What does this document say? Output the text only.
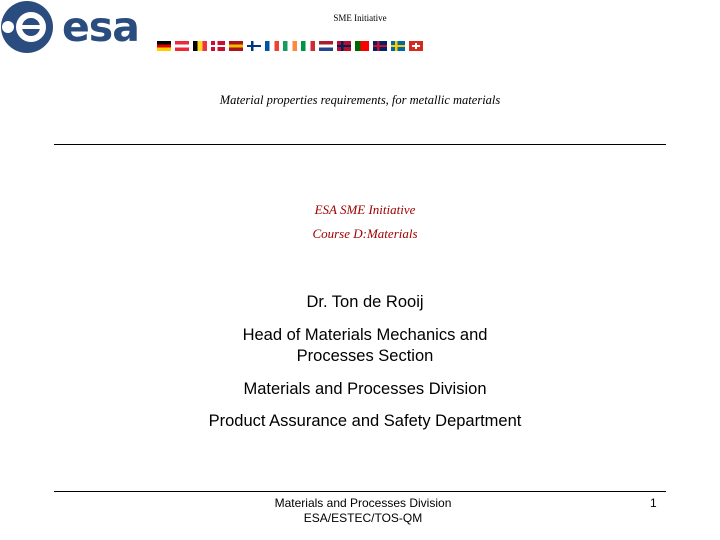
esa	SME Initiative
Material properties requirements, for metallic materials
ESA SME Initiative
Course D:Materials
Dr. Ton de Rooij
Head of Materials Mechanics and
Processes Section
Materials and Processes Division
Product Assurance and Safety Department
Materials and Processes Division
ESA/ESTEC/TOS-QM
1
